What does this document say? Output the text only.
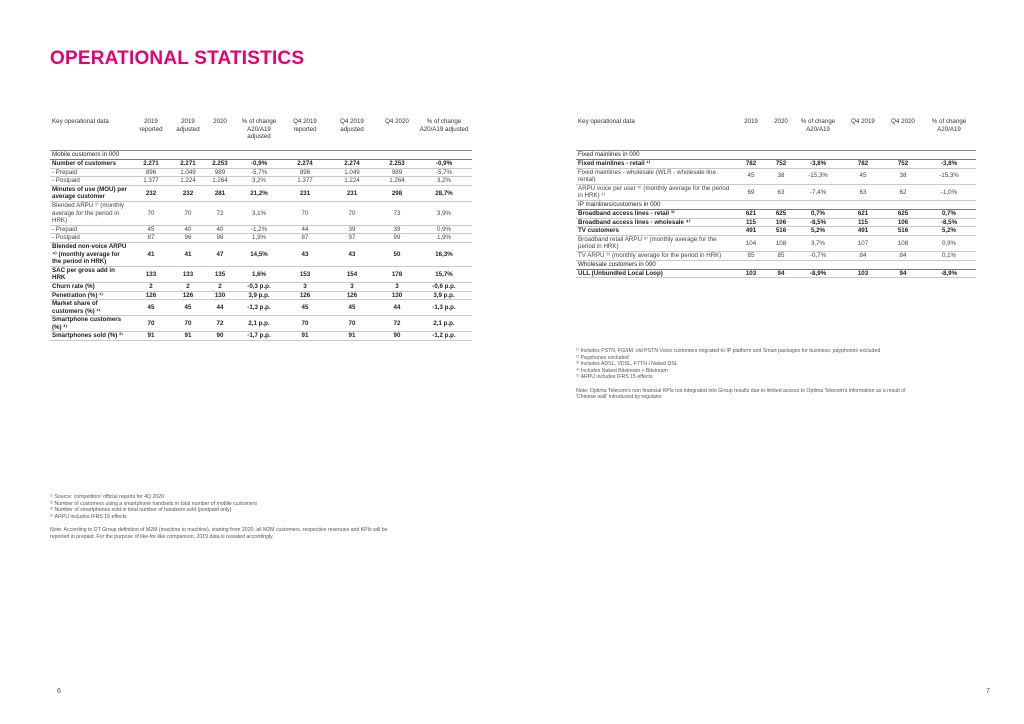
OPERATIONAL STATISTICS
Key operational data	2019 reported	2019 adjusted	2020	% of change A20/A19 adjusted	Q4 2019 reported	Q4 2019 adjusted	Q4 2020	% of change A20/A19 adjusted
Mobile customers in 000								
Number of customers	2.271	2.271	2.253	-0,9%	2.274	2.274	2.253	-0,9%
- Prepaid	896	1.049	989	-5,7%	896	1.049	989	-5,7%
- Postpaid	1.377	1.224	1.264	3,2%	1.377	1.224	1.264	3,2%
Minutes of use (MOU) per average customer	232	232	281	21,2%	231	231	298	28,7%
Blended ARPU ¹⁾ (monthly average for the period in HRK)	70	70	72	3,1%	70	70	73	3,9%
- Prepaid	45	40	40	-1,2%	44	39	39	0,9%
- Postpaid	87	96	98	1,9%	87	97	99	1,9%
Blended non-voice ARPU ⁴⁾ (monthly average for the period in HRK)	41	41	47	14,5%	43	43	50	16,3%
SAC per gross add in HRK	133	133	135	1,6%	153	154	178	15,7%
Churn rate (%)	2	2	2	-0,3 p.p.	3	3	3	-0,6 p.p.
Penetration (%) ¹⁾	126	126	130	3,9 p.p.	126	126	130	3,9 p.p.
Market share of customers (%) ¹⁾	45	45	44	-1,3 p.p.	45	45	44	-1,3 p.p.
Smartphone customers (%) ²⁾	70	70	72	2,1 p.p.	70	70	72	2,1 p.p.
Smartphones sold (%) ³⁾	91	91	90	-1,7 p.p.	91	91	90	-1,2 p.p.
¹⁾ Source: competitors' official reports for 4Q 2020
²⁾ Number of customers using a smartphone handsets in total number of mobile customers
³⁾ Number of smartphones sold in total number of handsets sold (postpaid only)
⁴⁾ ARPU includes IFRS 15 effects
Note: According to DT Group definition of M2M (machine to machine), starting from 2020, all M2M customers, respective revenues and KPIs will be
reported in prepaid. For the purpose of like-for-like comparison, 2019 data is restated accordingly.
Key operational data	2019	2020	% of change A20/A19	Q4 2019	Q4 2020	% of change A20/A19
Fixed mainlines in 000						
Fixed mainlines - retail ¹⁾	782	752	-3,8%	782	752	-3,8%
Fixed mainlines - wholesale (WLR - wholesale line rental)	45	38	-15,3%	45	38	-15,3%
ARPU voice per user ⁵⁾ (monthly average for the period in HRK) ²⁾	69	63	-7,4%	63	62	-1,0%
IP mainlines/customers in 000						
Broadband access lines - retail ³⁾	621	625	0,7%	621	625	0,7%
Broadband access lines - wholesale ⁴⁾	115	106	-8,5%	115	106	-8,5%
TV customers	491	516	5,2%	491	516	5,2%
Broadband retail ARPU ⁵⁾ (monthly average for the period in HRK)	104	108	3,7%	107	108	0,9%
TV ARPU ⁵⁾ (monthly average for the period in HRK)	85	85	-0,7%	84	84	0,1%
Wholesale customers in 000						
ULL (Unbundled Local Loop)	103	94	-8,9%	103	94	-8,9%
¹⁾ Includes PSTN, FGSM, old PSTN Voice customers migrated to IP platform and Smart packages for business; payphones excluded
²⁾ Payphones excluded
³⁾ Includes ADSL, VDSL, FTTH i Naked DSL
⁴⁾ Includes Naked Bitstream + Bitstream
⁵⁾ ARPU includes IFRS 15 effects
Note: Optima Telecom's non financial KPIs not integrated into Group results due to limited access to Optima Telecom's information as a result of
'Chinese wall' introduced by regulator
6	7
